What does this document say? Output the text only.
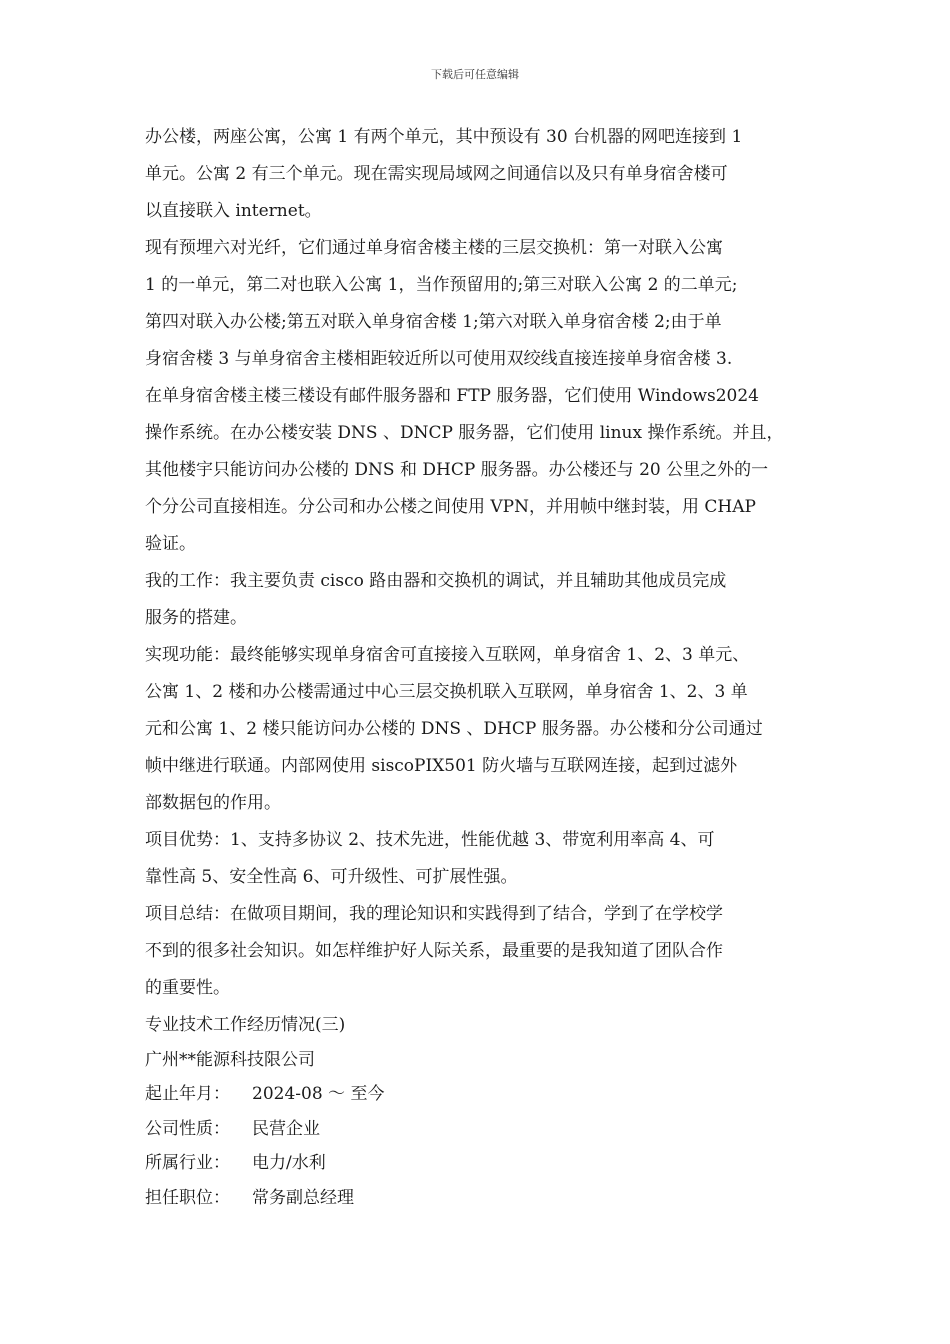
下载后可任意编辑
办公楼，两座公寓，公寓 1 有两个单元，其中预设有 30 台机器的网吧连接到 1
单元。公寓 2 有三个单元。现在需实现局域网之间通信以及只有单身宿舍楼可
以直接联入 internet。
现有预埋六对光纤，它们通过单身宿舍楼主楼的三层交换机：第一对联入公寓
1 的一单元，第二对也联入公寓 1，当作预留用的;第三对联入公寓 2 的二单元;
第四对联入办公楼;第五对联入单身宿舍楼 1;第六对联入单身宿舍楼 2;由于单
身宿舍楼 3 与单身宿舍主楼相距较近所以可使用双绞线直接连接单身宿舍楼 3.
在单身宿舍楼主楼三楼设有邮件服务器和 FTP 服务器，它们使用 Windows2024
操作系统。在办公楼安装 DNS 、DNCP 服务器，它们使用 linux 操作系统。并且，
其他楼宇只能访问办公楼的 DNS 和 DHCP 服务器。办公楼还与 20 公里之外的一
个分公司直接相连。分公司和办公楼之间使用 VPN，并用帧中继封装，用 CHAP
验证。
我的工作：我主要负责 cisco 路由器和交换机的调试，并且辅助其他成员完成
服务的搭建。
实现功能：最终能够实现单身宿舍可直接接入互联网，单身宿舍 1、2、3 单元、
公寓 1、2 楼和办公楼需通过中心三层交换机联入互联网，单身宿舍 1、2、3 单
元和公寓 1、2 楼只能访问办公楼的 DNS 、DHCP 服务器。办公楼和分公司通过
帧中继进行联通。内部网使用 siscoPIX501 防火墙与互联网连接，起到过滤外
部数据包的作用。
项目优势：1、支持多协议 2、技术先进，性能优越 3、带宽利用率高 4、可
靠性高 5、安全性高 6、可升级性、可扩展性强。
项目总结：在做项目期间，我的理论知识和实践得到了结合，学到了在学校学
不到的很多社会知识。如怎样维护好人际关系，最重要的是我知道了团队合作
的重要性。
专业技术工作经历情况(三)
广州**能源科技限公司
起止年月： 2024-08 ～ 至今
公司性质： 民营企业
所属行业： 电力/水利
担任职位： 常务副总经理
